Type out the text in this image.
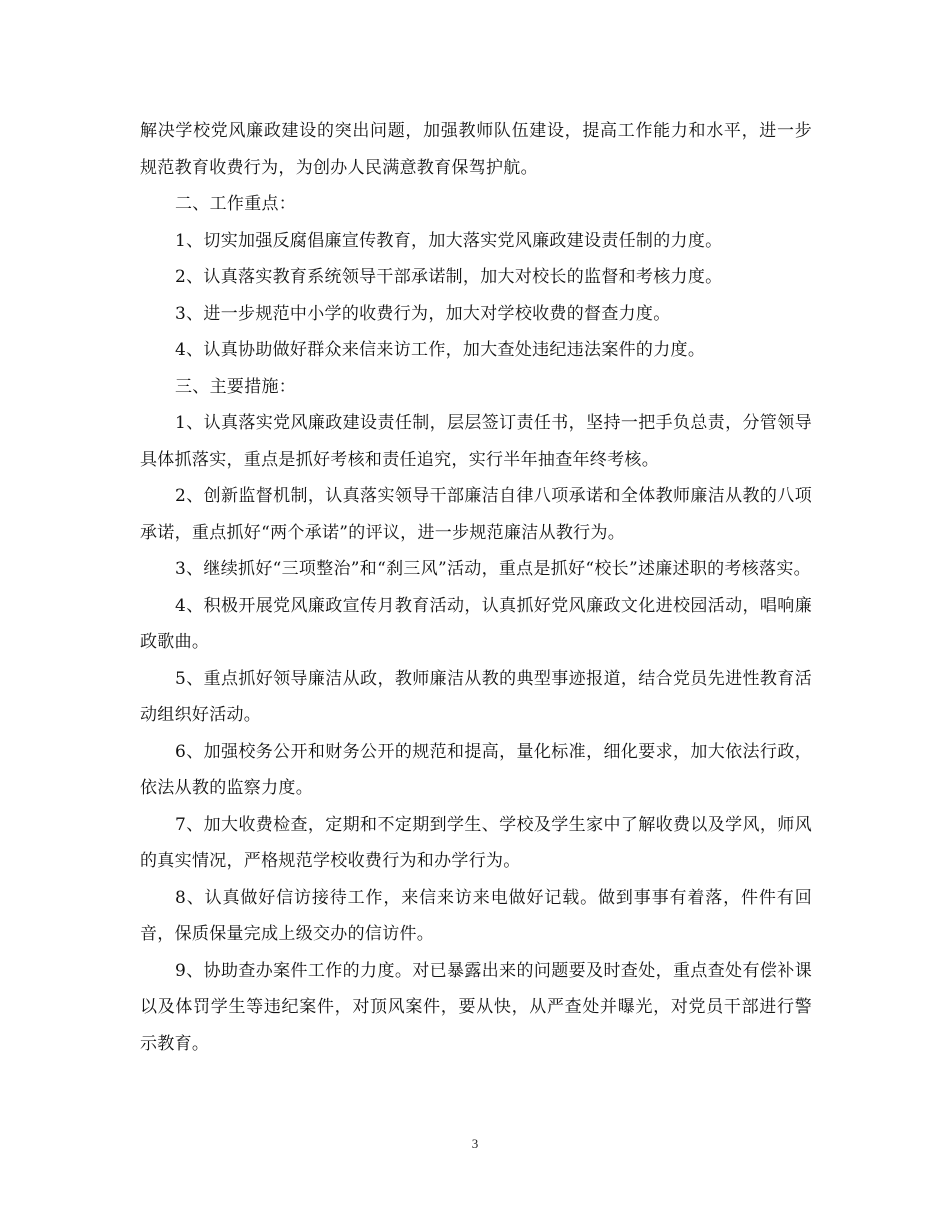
解决学校党风廉政建设的突出问题，加强教师队伍建设，提高工作能力和水平，进一步规范教育收费行为，为创办人民满意教育保驾护航。

二、工作重点：

1、切实加强反腐倡廉宣传教育，加大落实党风廉政建设责任制的力度。

2、认真落实教育系统领导干部承诺制，加大对校长的监督和考核力度。

3、进一步规范中小学的收费行为，加大对学校收费的督查力度。

4、认真协助做好群众来信来访工作，加大查处违纪违法案件的力度。

三、主要措施：

1、认真落实党风廉政建设责任制，层层签订责任书，坚持一把手负总责，分管领导具体抓落实，重点是抓好考核和责任追究，实行半年抽查年终考核。

2、创新监督机制，认真落实领导干部廉洁自律八项承诺和全体教师廉洁从教的八项承诺，重点抓好“两个承诺”的评议，进一步规范廉洁从教行为。

3、继续抓好“三项整治”和“刹三风”活动，重点是抓好“校长”述廉述职的考核落实。

4、积极开展党风廉政宣传月教育活动，认真抓好党风廉政文化进校园活动，唱响廉政歌曲。

5、重点抓好领导廉洁从政，教师廉洁从教的典型事迹报道，结合党员先进性教育活动组织好活动。

6、加强校务公开和财务公开的规范和提高，量化标准，细化要求，加大依法行政，依法从教的监察力度。

7、加大收费检查，定期和不定期到学生、学校及学生家中了解收费以及学风，师风的真实情况，严格规范学校收费行为和办学行为。

8、认真做好信访接待工作，来信来访来电做好记载。做到事事有着落，件件有回音，保质保量完成上级交办的信访件。

9、协助查办案件工作的力度。对已暴露出来的问题要及时查处，重点查处有偿补课以及体罚学生等违纪案件，对顶风案件，要从快，从严查处并曝光，对党员干部进行警示教育。

3
